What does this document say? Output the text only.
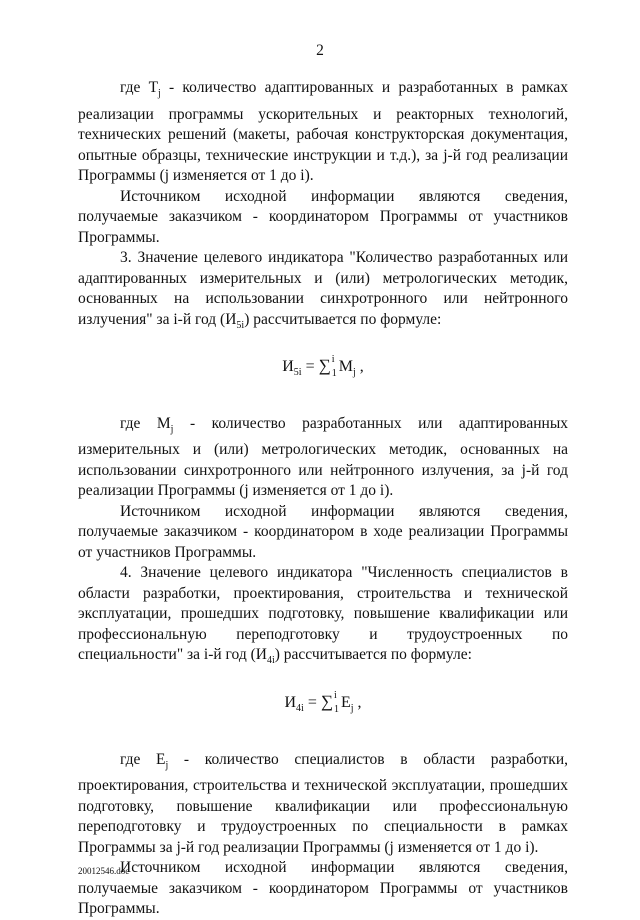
2

где $T_j$ - количество адаптированных и разработанных в рамках реализации программы ускорительных и реакторных технологий, технических решений (макеты, рабочая конструкторская документация, опытные образцы, технические инструкции и т.д.), за j-й год реализации Программы (j изменяется от 1 до i).

Источником исходной информации являются сведения, получаемые заказчиком - координатором Программы от участников Программы.

3. Значение целевого индикатора "Количество разработанных или адаптированных измерительных и (или) метрологических методик, основанных на использовании синхротронного или нейтронного излучения" за i-й год $(И_{5i})$ рассчитывается по формуле:

$И_{5i}$ = ∑ i
1 $M_j$ ,

где $M_j$ - количество разработанных или адаптированных измерительных и (или) метрологических методик, основанных на использовании синхротронного или нейтронного излучения, за j-й год реализации Программы (j изменяется от 1 до i).

Источником исходной информации являются сведения, получаемые заказчиком - координатором в ходе реализации Программы от участников Программы.

4. Значение целевого индикатора "Численность специалистов в области разработки, проектирования, строительства и технической эксплуатации, прошедших подготовку, повышение квалификации или профессиональную переподготовку и трудоустроенных по специальности" за i-й год $(И_{4i})$ рассчитывается по формуле:

$И_{4i}$ = ∑ i
1 $E_j$ ,

где $E_j$ - количество специалистов в области разработки, проектирования, строительства и технической эксплуатации, прошедших подготовку, повышение квалификации или профессиональную переподготовку и трудоустроенных по специальности в рамках Программы за j-й год реализации Программы (j изменяется от 1 до i).

Источником исходной информации являются сведения, получаемые заказчиком - координатором Программы от участников Программы.

20012546.doc
